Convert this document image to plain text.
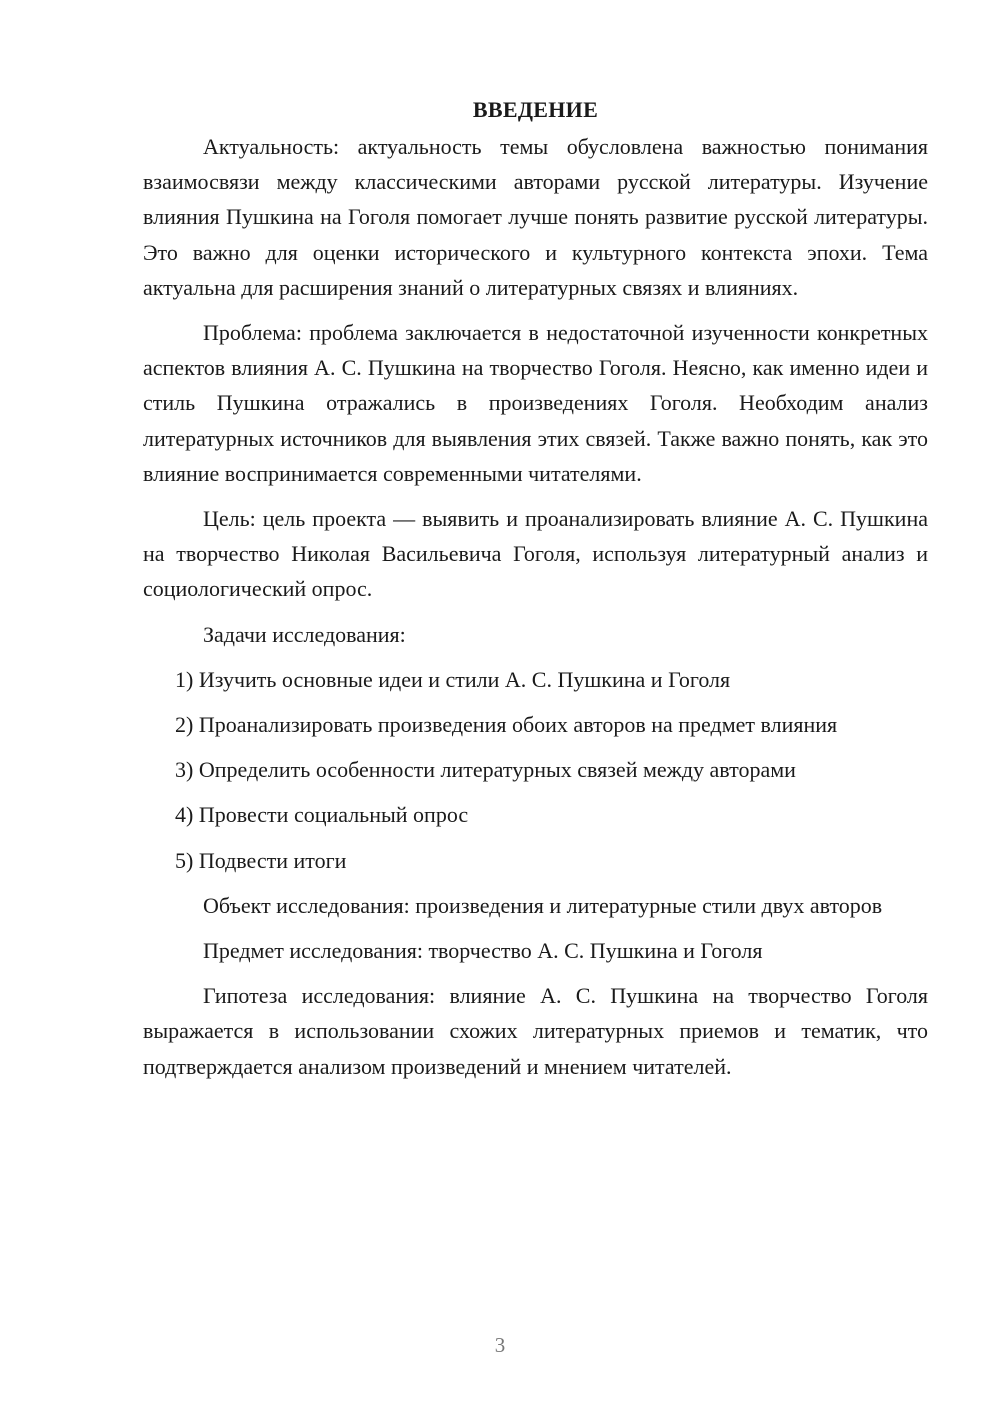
ВВЕДЕНИЕ

Актуальность: актуальность темы обусловлена важностью понимания взаимосвязи между классическими авторами русской литературы. Изучение влияния Пушкина на Гоголя помогает лучше понять развитие русской литературы. Это важно для оценки исторического и культурного контекста эпохи. Тема актуальна для расширения знаний о литературных связях и влияниях.

Проблема: проблема заключается в недостаточной изученности конкретных аспектов влияния А. С. Пушкина на творчество Гоголя. Неясно, как именно идеи и стиль Пушкина отражались в произведениях Гоголя. Необходим анализ литературных источников для выявления этих связей. Также важно понять, как это влияние воспринимается современными читателями.

Цель: цель проекта — выявить и проанализировать влияние А. С. Пушкина на творчество Николая Васильевича Гоголя, используя литературный анализ и социологический опрос.

Задачи исследования:

1) Изучить основные идеи и стили А. С. Пушкина и Гоголя

2) Проанализировать произведения обоих авторов на предмет влияния

3) Определить особенности литературных связей между авторами

4) Провести социальный опрос

5) Подвести итоги

Объект исследования: произведения и литературные стили двух авторов

Предмет исследования: творчество А. С. Пушкина и Гоголя

Гипотеза исследования: влияние А. С. Пушкина на творчество Гоголя выражается в использовании схожих литературных приемов и тематик, что подтверждается анализом произведений и мнением читателей.

3
